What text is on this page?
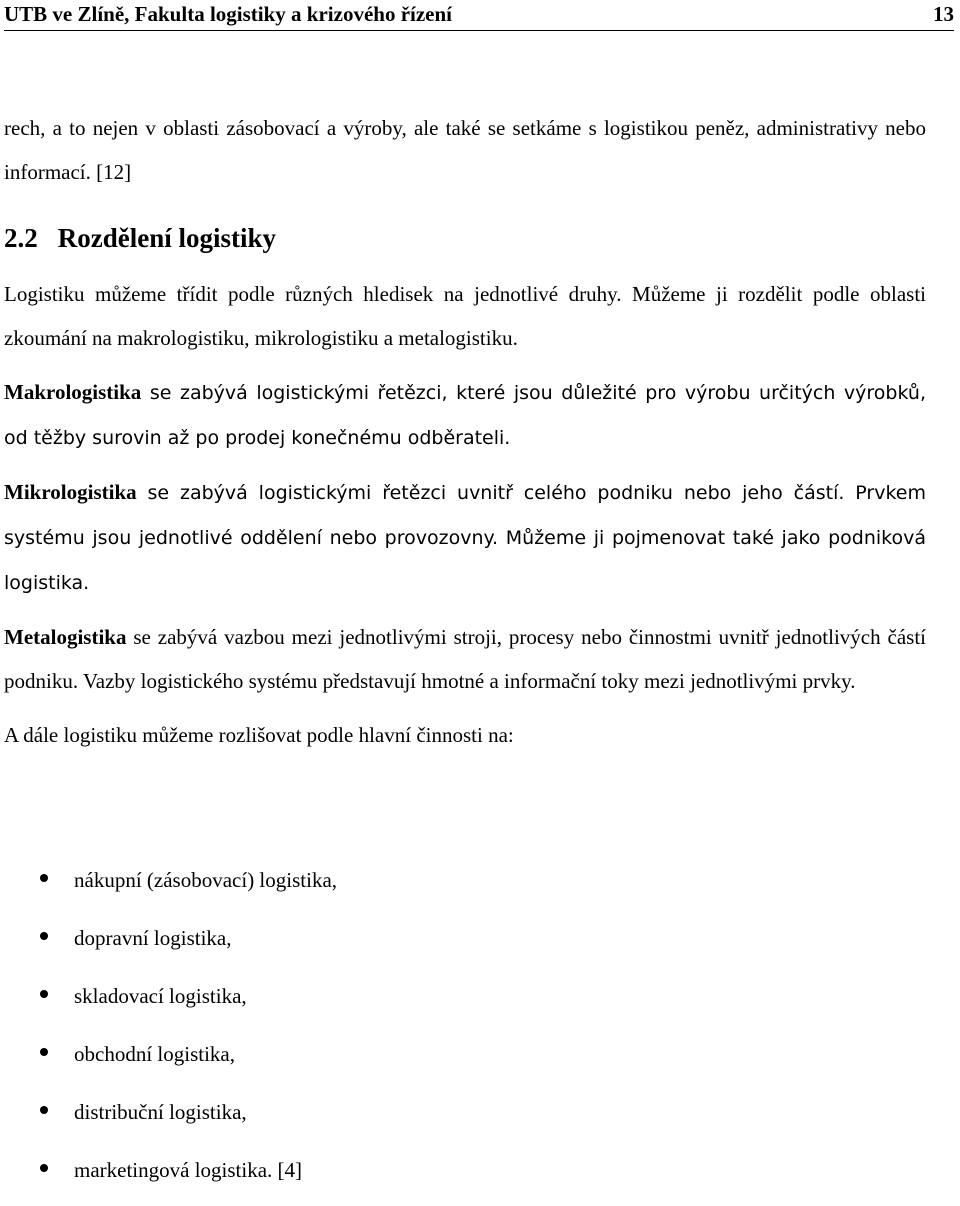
UTB ve Zlíně, Fakulta logistiky a krizového řízení	13

rech, a to nejen v oblasti zásobovací a výroby, ale také se setkáme s logistikou peněz, administrativy nebo informací. [12]

2.2 Rozdělení logistiky

Logistiku můžeme třídit podle různých hledisek na jednotlivé druhy. Můžeme ji rozdělit podle oblasti zkoumání na makrologistiku, mikrologistiku a metalogistiku.

Makrologistika se zabývá logistickými řetězci, které jsou důležité pro výrobu určitých výrobků, od těžby surovin až po prodej konečnému odběrateli.

Mikrologistika se zabývá logistickými řetězci uvnitř celého podniku nebo jeho částí. Prvkem systému jsou jednotlivé oddělení nebo provozovny. Můžeme ji pojmenovat také jako podniková logistika.

Metalogistika se zabývá vazbou mezi jednotlivými stroji, procesy nebo činnostmi uvnitř jednotlivých částí podniku. Vazby logistického systému představují hmotné a informační toky mezi jednotlivými prvky.

A dále logistiku můžeme rozlišovat podle hlavní činnosti na:

nákupní (zásobovací) logistika,
dopravní logistika,
skladovací logistika,
obchodní logistika,
distribuční logistika,
marketingová logistika. [4]
